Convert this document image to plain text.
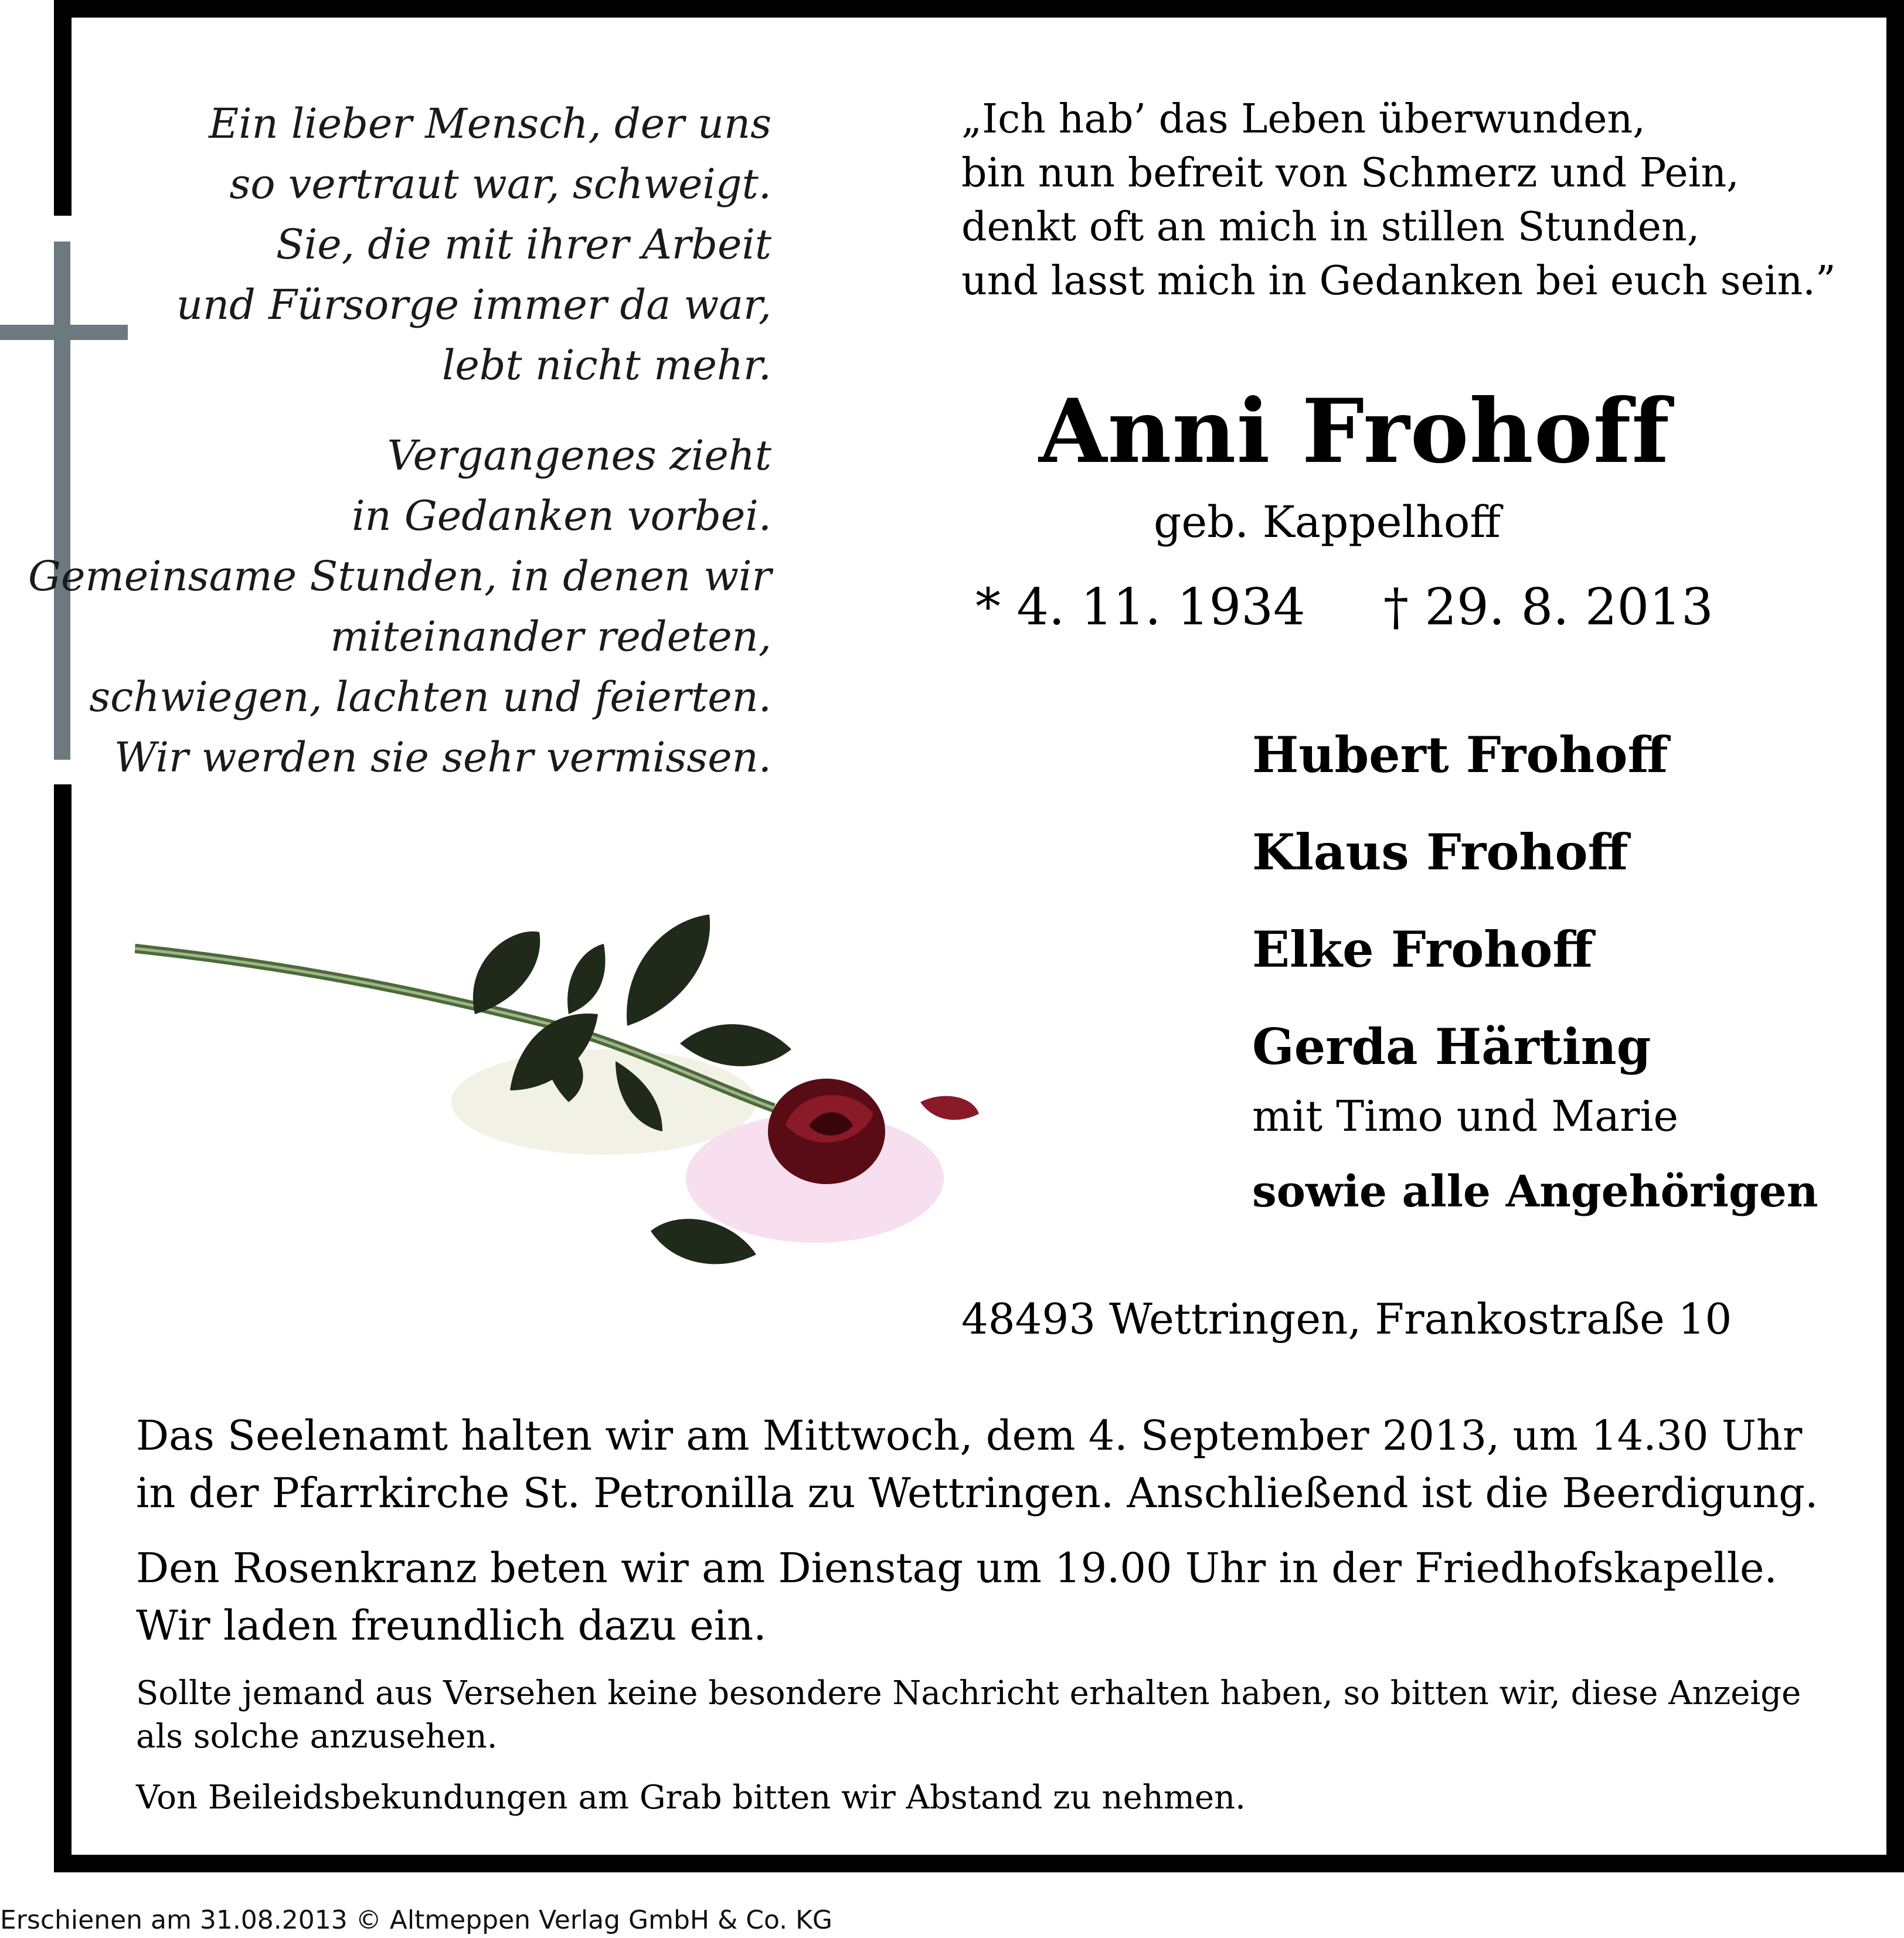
Ein lieber Mensch, der uns
so vertraut war, schweigt.
Sie, die mit ihrer Arbeit
und Fürsorge immer da war,
lebt nicht mehr.
Vergangenes zieht
in Gedanken vorbei.
Gemeinsame Stunden, in denen wir
miteinander redeten,
schwiegen, lachten und feierten.
Wir werden sie sehr vermissen.
„Ich hab’ das Leben überwunden,
bin nun befreit von Schmerz und Pein,
denkt oft an mich in stillen Stunden,
und lasst mich in Gedanken bei euch sein.”
Anni Frohoff
geb. Kappelhoff
* 4. 11. 1934 † 29. 8. 2013
Hubert Frohoff
Klaus Frohoff
Elke Frohoff
Gerda Härting
mit Timo und Marie
sowie alle Angehörigen
48493 Wettringen, Frankostraße 10
Das Seelenamt halten wir am Mittwoch, dem 4. September 2013, um 14.30 Uhr
in der Pfarrkirche St. Petronilla zu Wettringen. Anschließend ist die Beerdigung.
Den Rosenkranz beten wir am Dienstag um 19.00 Uhr in der Friedhofskapelle.
Wir laden freundlich dazu ein.
Sollte jemand aus Versehen keine besondere Nachricht erhalten haben, so bitten wir, diese Anzeige
als solche anzusehen.
Von Beileidsbekundungen am Grab bitten wir Abstand zu nehmen.
Erschienen am 31.08.2013 © Altmeppen Verlag GmbH & Co. KG
